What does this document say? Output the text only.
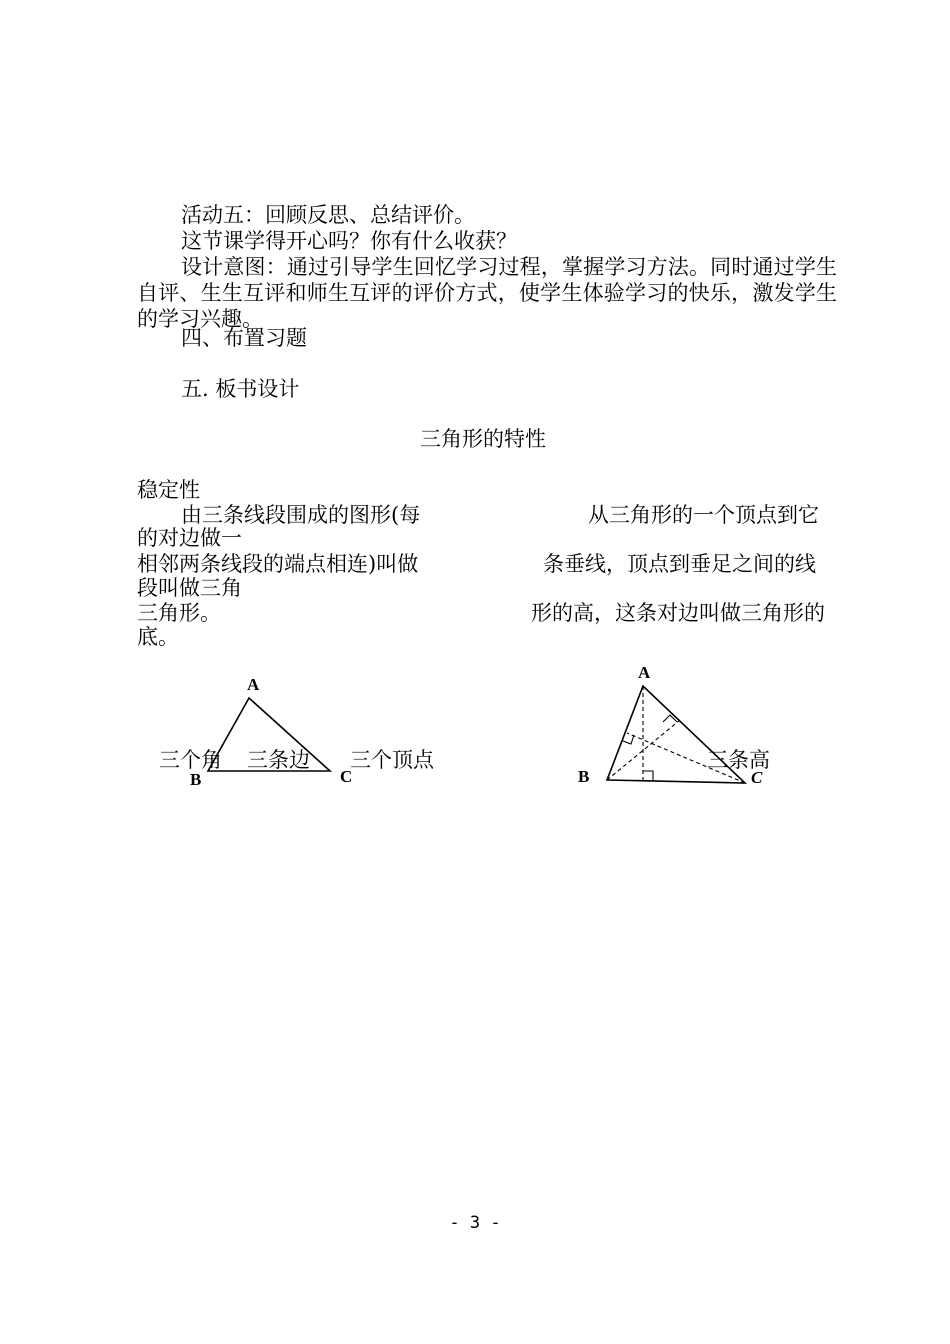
活动五：回顾反思、总结评价。
这节课学得开心吗？你有什么收获？
设计意图：通过引导学生回忆学习过程，掌握学习方法。同时通过学生自评、生生互评和师生互评的评价方式，使学生体验学习的快乐，激发学生的学习兴趣。
四、布置习题
五. 板书设计
三角形的特性
稳定性
由三条线段围成的图形(每	从三角形的一个顶点到它
的对边做一
相邻两条线段的端点相连)叫做	条垂线，顶点到垂足之间的线
段叫做三角
三角形。	形的高，这条对边叫做三角形的
底。
A
B	C
三个角 三条边 三个顶点
A
B	C
三条高
- 3 -
